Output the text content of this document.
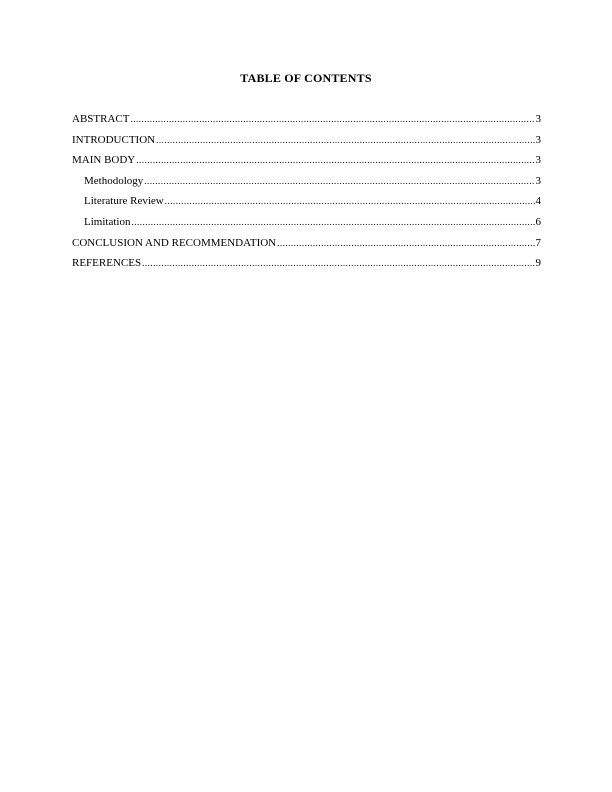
TABLE OF CONTENTS
ABSTRACT .....	3
INTRODUCTION .....	3
MAIN BODY .....	3
Methodology .....	3
Literature Review .....	4
Limitation .....	6
CONCLUSION AND RECOMMENDATION .....	7
REFERENCES .....	9
